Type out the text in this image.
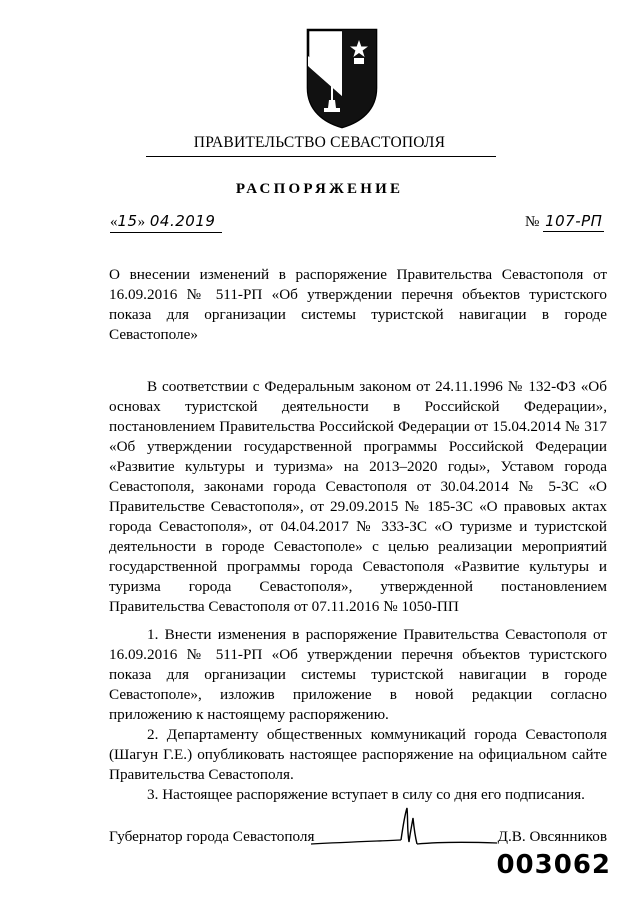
ПРАВИТЕЛЬСТВО СЕВАСТОПОЛЯ
РАСПОРЯЖЕНИЕ
«15» 04.2019	№ 107-РП
О внесении изменений в распоряжение Правительства Севастополя от 16.09.2016 № 511-РП «Об утверждении перечня объектов туристского показа для организации системы туристской навигации в городе Севастополе»
В соответствии с Федеральным законом от 24.11.1996 № 132-ФЗ «Об основах туристской деятельности в Российской Федерации», постановлением Правительства Российской Федерации от 15.04.2014 № 317 «Об утверждении государственной программы Российской Федерации «Развитие культуры и туризма» на 2013–2020 годы», Уставом города Севастополя, законами города Севастополя от 30.04.2014 № 5-ЗС «О Правительстве Севастополя», от 29.09.2015 № 185-ЗС «О правовых актах города Севастополя», от 04.04.2017 № 333-ЗС «О туризме и туристской деятельности в городе Севастополе» с целью реализации мероприятий государственной программы города Севастополя «Развитие культуры и туризма города Севастополя», утвержденной постановлением Правительства Севастополя от 07.11.2016 № 1050-ПП

1. Внести изменения в распоряжение Правительства Севастополя от 16.09.2016 № 511-РП «Об утверждении перечня объектов туристского показа для организации системы туристской навигации в городе Севастополе», изложив приложение в новой редакции согласно приложению к настоящему распоряжению.

2. Департаменту общественных коммуникаций города Севастополя (Шагун Г.Е.) опубликовать настоящее распоряжение на официальном сайте Правительства Севастополя.

3. Настоящее распоряжение вступает в силу со дня его подписания.

Губернатор города Севастополя	Д.В. Овсянников
003062
